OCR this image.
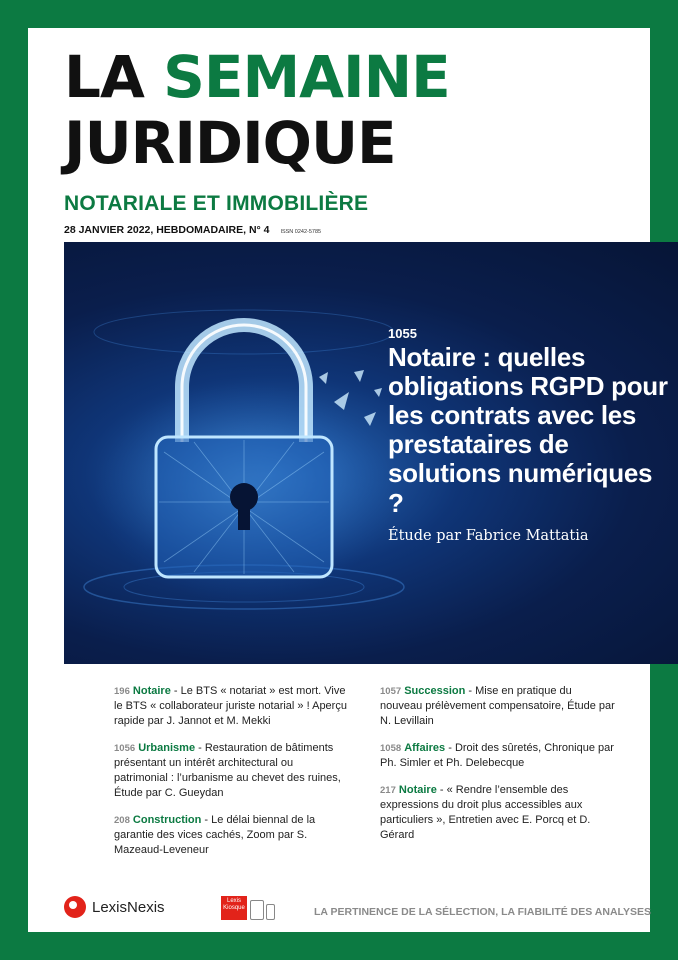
LA SEMAINE
JURIDIQUE
NOTARIALE ET IMMOBILIÈRE
28 JANVIER 2022, HEBDOMADAIRE, N° 4 ISSN 0242-5785
1055
Notaire : quelles obligations RGPD pour les contrats avec les prestataires de solutions numériques ?
Étude par Fabrice Mattatia
196 Notaire - Le BTS « notariat » est mort. Vive le BTS « collaborateur juriste notarial » ! Aperçu rapide par J. Jannot et M. Mekki
1056 Urbanisme - Restauration de bâtiments présentant un intérêt architectural ou patrimonial : l’urbanisme au chevet des ruines, Étude par C. Gueydan
208 Construction - Le délai biennal de la garantie des vices cachés, Zoom par S. Mazeaud-Leveneur
1057 Succession - Mise en pratique du nouveau prélèvement compensatoire, Étude par N. Levillain
1058 Affaires - Droit des sûretés, Chronique par Ph. Simler et Ph. Delebecque
217 Notaire - « Rendre l’ensemble des expressions du droit plus accessibles aux particuliers », Entretien avec E. Porcq et D. Gérard
LexisNexis	Lexis
Kiosque	LA PERTINENCE DE LA SÉLECTION, LA FIABILITÉ DES ANALYSES
